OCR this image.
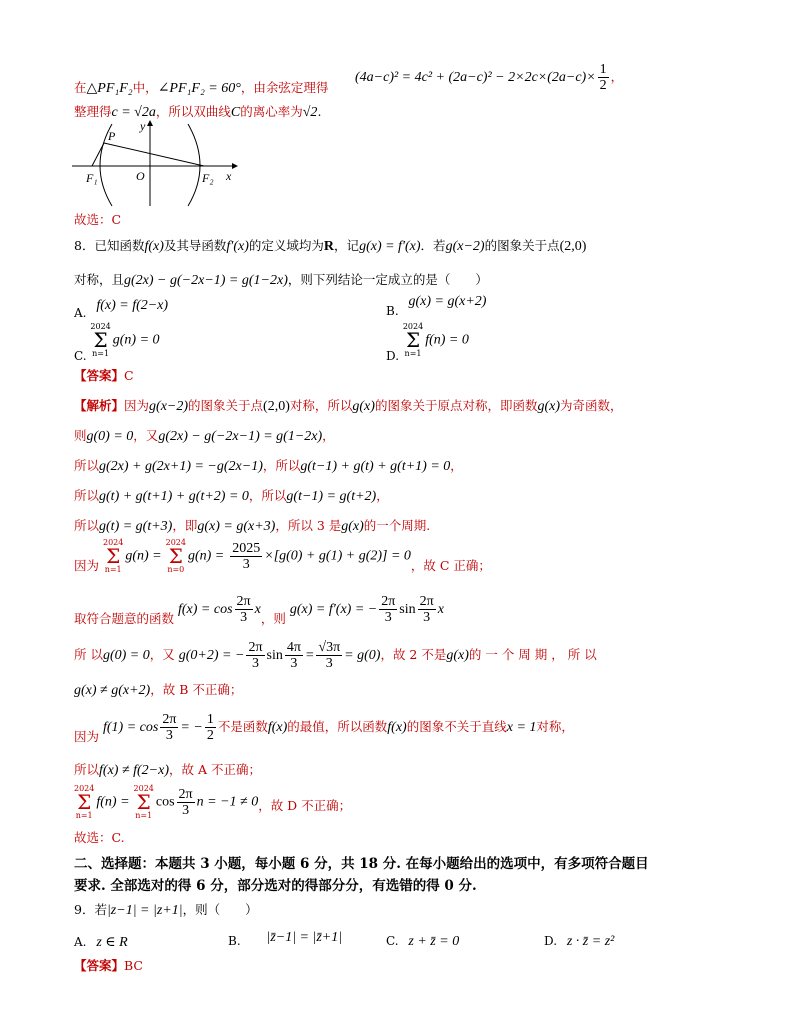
$(4a-c)^2 = 4c^2 + (2a-c)^2 - 2\times 2c\times(2a-c)\times \frac{1}{2}$ ，
在△PF₁F₂中，∠PF₁F₂ = 60°，由余弦定理得
整理得c = √2a，所以双曲线C的离心率为√2.
P
y
x
O
F₁	F₂
故选：C
8．已知函数f(x)及其导函数f′(x)的定义域均为R，记g(x) = f′(x)．若g(x−2)的图象关于点(2,0)
对称，且g(2x) − g(−2x−1) = g(1−2x)，则下列结论一定成立的是（　　）
A. f(x) = f(2−x)	B. g(x) = g(x+2)
C. 2024
Σ
n=1g(n) = 0
D. 2024
Σ
n=1f(n) = 0
【答案】C
【解析】因为g(x−2)的图象关于点(2,0)对称，所以g(x)的图象关于原点对称，即函数g(x)为奇函数，
则g(0) = 0，又g(2x) − g(−2x−1) = g(1−2x)，
所以g(2x) + g(2x+1) = −g(2x−1)，所以g(t−1) + g(t) + g(t+1) = 0，
所以g(t) + g(t+1) + g(t+2) = 0，所以g(t−1) = g(t+2)，
所以g(t) = g(t+3)，即g(x) = g(x+3)，所以 3 是g(x)的一个周期.
因为 2024
Σ
n=1g(n) = 2024
Σ
$n=0g(n) = \frac{2025}{3} \times[g(0) + g(1) + g(2)] = 0$，故 C 正确；
取符合题意的函数 $f(x) = \cos \frac{2\pi}{3}$ x，则 g(x) = f′(x) = − $\frac{2\pi}{3}$ $\sin \frac{2\pi}{3}$ x
所 以g(0) = 0，又 g(0+2) = − $\frac{2\pi}{3}$ $\sin \frac{4\pi}{3} = \frac{√3\pi}{3} = g(0)$，故 2 不是g(x)的 一 个 周 期 ， 所 以
g(x) ≠ g(x+2)，故 B 不正确；
因为 $f(1) = \cos \frac{2\pi}{3}$ = − $\frac{1}{2}$ 不是函数f(x)的最值，所以函数f(x)的图象不关于直线x = 1对称，
所以f(x) ≠ f(2−x)，故 A 不正确；
2024
Σ
n=1f(n) = 2024
Σ
$n=1\cos \frac{2\pi}{3}$ n = −1 ≠ 0，故 D 不正确；
故选：C.
二、选择题：本题共 3 小题，每小题 6 分，共 18 分. 在每小题给出的选项中，有多项符合题目
要求. 全部选对的得 6 分，部分选对的得部分分，有选错的得 0 分.
9．若|z−1| = |z+1|，则（　　）
A. z ∈ R	B. |z̄−1| = |z̄+1|	C. z + z̄ = 0	D. z · z̄ = z²
【答案】BC
